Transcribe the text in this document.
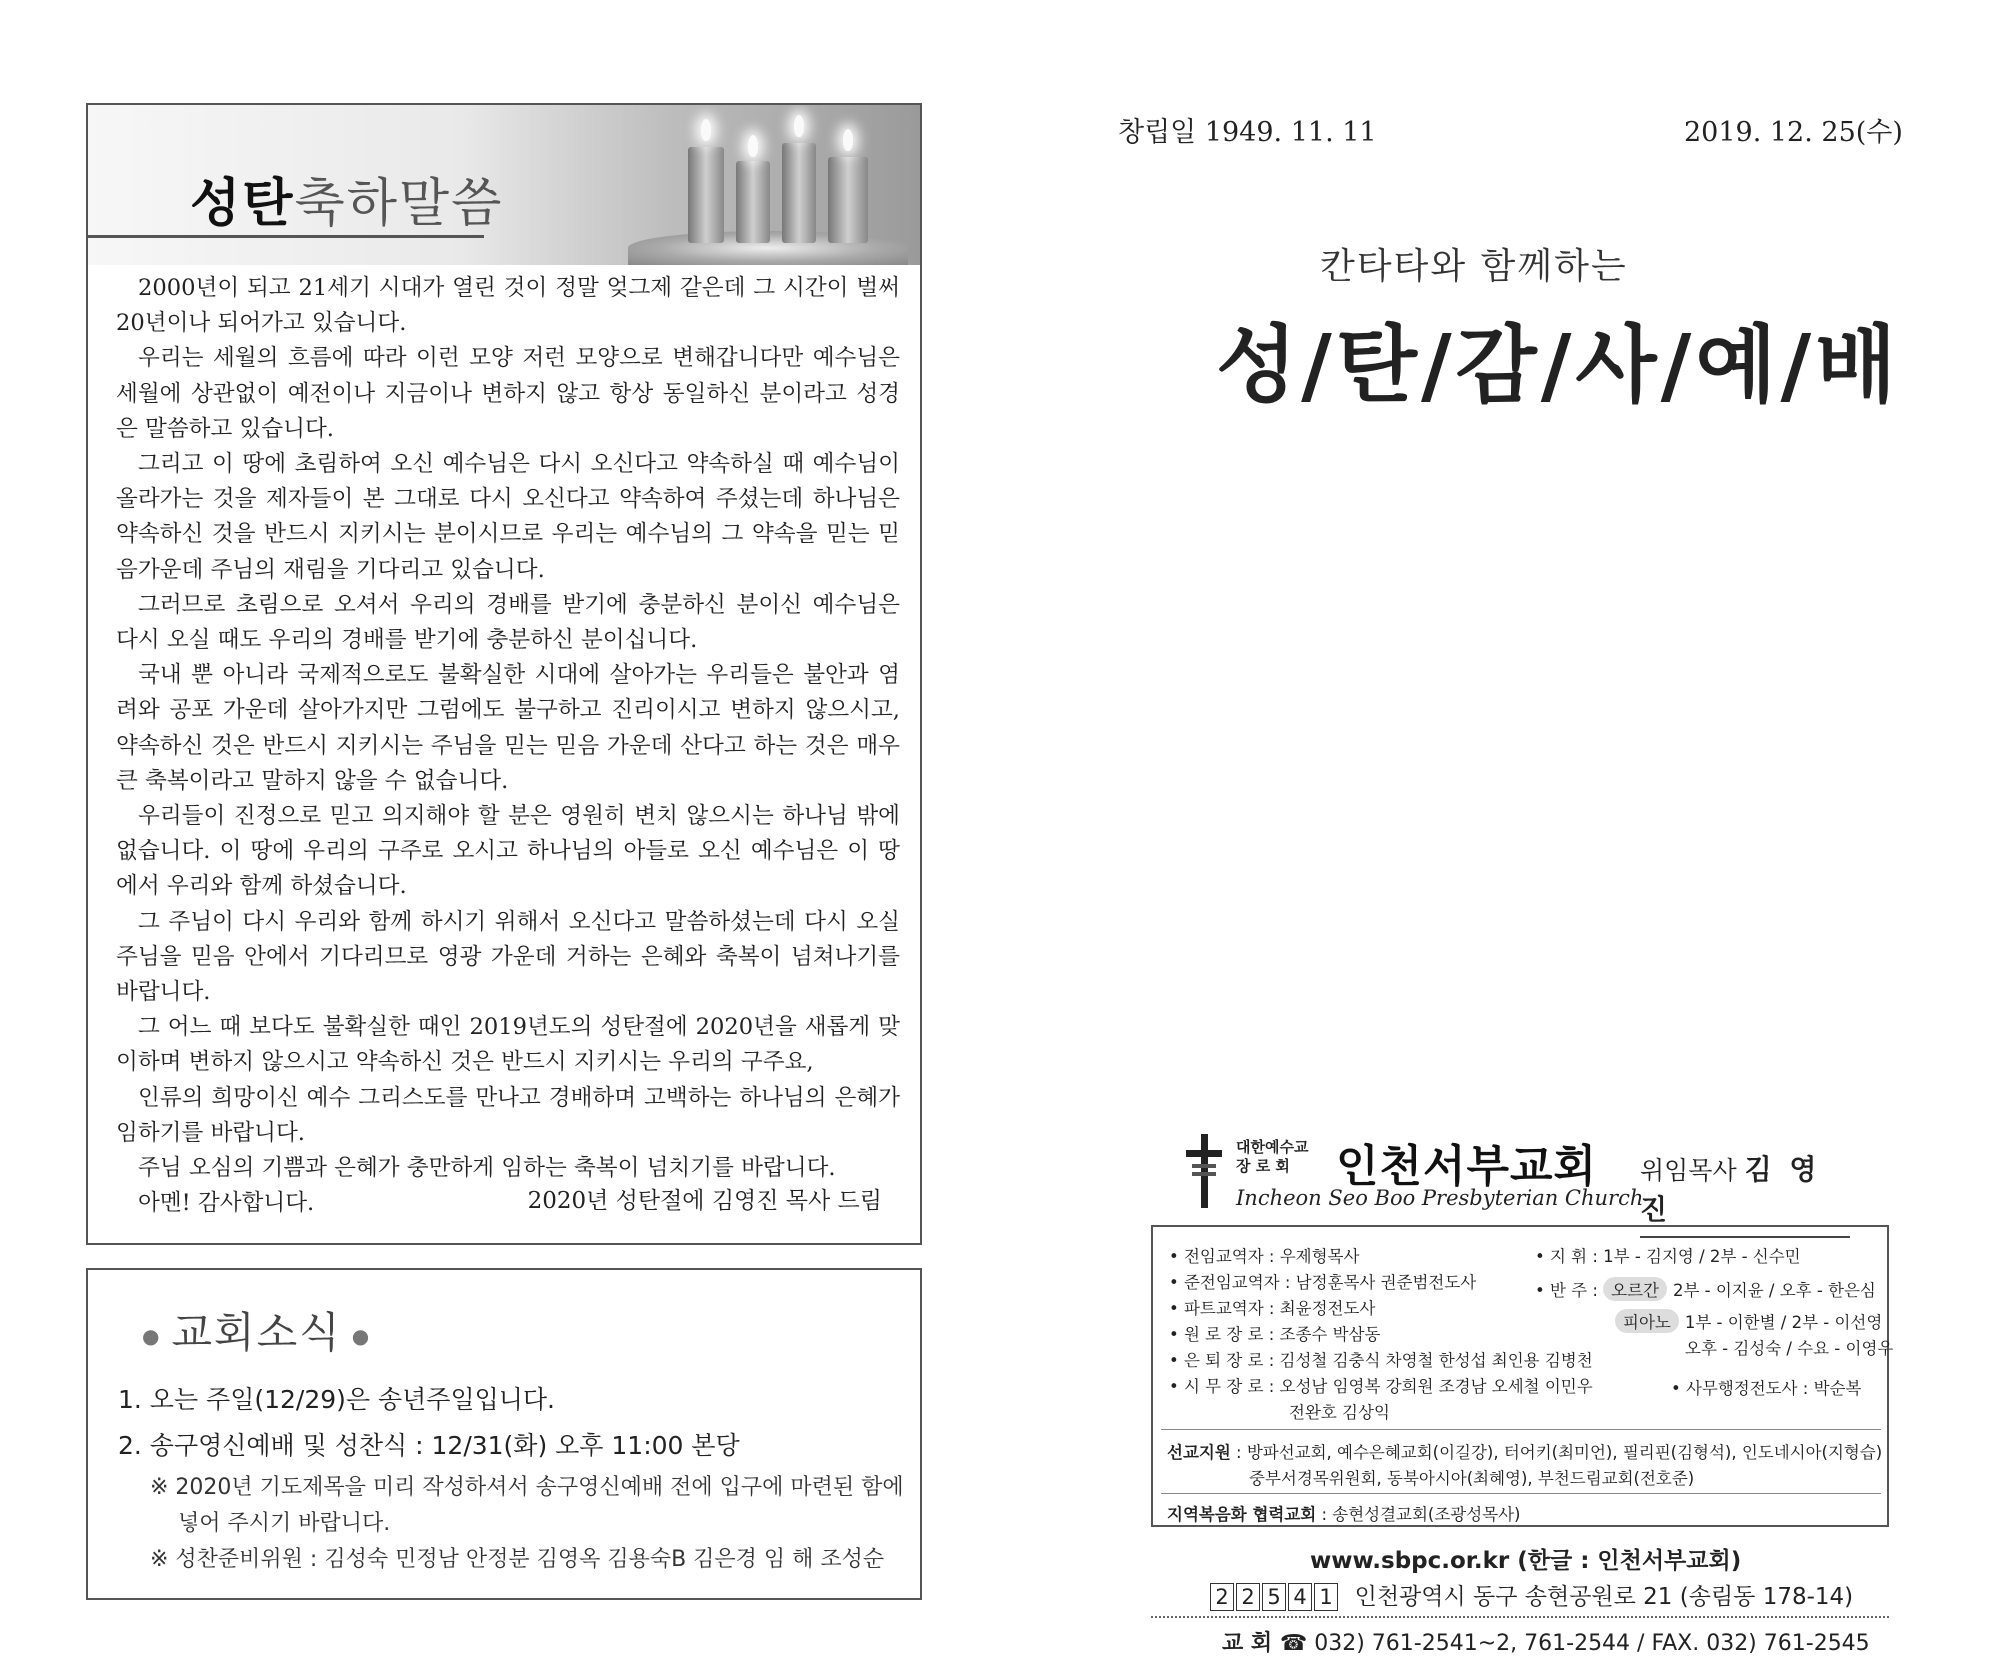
성탄축하말씀

2000년이 되고 21세기 시대가 열린 것이 정말 엊그제 같은데 그 시간이 벌써 20년이나 되어가고 있습니다.

우리는 세월의 흐름에 따라 이런 모양 저런 모양으로 변해갑니다만 예수님은 세월에 상관없이 예전이나 지금이나 변하지 않고 항상 동일하신 분이라고 성경은 말씀하고 있습니다.

그리고 이 땅에 초림하여 오신 예수님은 다시 오신다고 약속하실 때 예수님이 올라가는 것을 제자들이 본 그대로 다시 오신다고 약속하여 주셨는데 하나님은 약속하신 것을 반드시 지키시는 분이시므로 우리는 예수님의 그 약속을 믿는 믿음가운데 주님의 재림을 기다리고 있습니다.

그러므로 초림으로 오셔서 우리의 경배를 받기에 충분하신 분이신 예수님은 다시 오실 때도 우리의 경배를 받기에 충분하신 분이십니다.

국내 뿐 아니라 국제적으로도 불확실한 시대에 살아가는 우리들은 불안과 염려와 공포 가운데 살아가지만 그럼에도 불구하고 진리이시고 변하지 않으시고, 약속하신 것은 반드시 지키시는 주님을 믿는 믿음 가운데 산다고 하는 것은 매우 큰 축복이라고 말하지 않을 수 없습니다.

우리들이 진정으로 믿고 의지해야 할 분은 영원히 변치 않으시는 하나님 밖에 없습니다. 이 땅에 우리의 구주로 오시고 하나님의 아들로 오신 예수님은 이 땅에서 우리와 함께 하셨습니다.

그 주님이 다시 우리와 함께 하시기 위해서 오신다고 말씀하셨는데 다시 오실 주님을 믿음 안에서 기다리므로 영광 가운데 거하는 은혜와 축복이 넘쳐나기를 바랍니다.

그 어느 때 보다도 불확실한 때인 2019년도의 성탄절에 2020년을 새롭게 맞이하며 변하지 않으시고 약속하신 것은 반드시 지키시는 우리의 구주요,

인류의 희망이신 예수 그리스도를 만나고 경배하며 고백하는 하나님의 은혜가 임하기를 바랍니다.

주님 오심의 기쁨과 은혜가 충만하게 임하는 축복이 넘치기를 바랍니다.

아멘! 감사합니다.	2020년 성탄절에 김영진 목사 드림
● 교회소식 ●
1. 오는 주일(12/29)은 송년주일입니다.
2. 송구영신예배 및 성찬식 : 12/31(화) 오후 11:00 본당
※ 2020년 기도제목을 미리 작성하셔서 송구영신예배 전에 입구에 마련된 함에
넣어 주시기 바랍니다.
※ 성찬준비위원 : 김성숙 민정남 안정분 김영옥 김용숙B 김은경 임 해 조성순
창립일 1949. 11. 11	2019. 12. 25(수)
칸타타와 함께하는
성/탄/감/사/예/배
대한예수교
장 로 회	인천서부교회
Incheon Seo Boo Presbyterian Church
위임목사 김 영 진
• 전임교역자 : 우제형목사
• 준전임교역자 : 남정훈목사 권준범전도사
• 파트교역자 : 최윤정전도사
• 원 로 장 로 : 조종수 박삼동
• 은 퇴 장 로 : 김성철 김충식 차영철 한성섭 최인용 김병천
• 시 무 장 로 : 오성남 임영복 강희원 조경남 오세철 이민우
전완호 김상익
• 지 휘 : 1부 - 김지영 / 2부 - 신수민
• 반 주 : 오르간 2부 - 이지윤 / 오후 - 한은심
피아노 1부 - 이한별 / 2부 - 이선영
오후 - 김성숙 / 수요 - 이영우
• 사무행정전도사 : 박순복
선교지원 : 방파선교회, 예수은혜교회(이길강), 터어키(최미언), 필리핀(김형석), 인도네시아(지형습)
중부서경목위원회, 동북아시아(최혜영), 부천드림교회(전호준)
지역복음화 협력교회 : 송현성결교회(조광성목사)
www.sbpc.or.kr (한글 : 인천서부교회)
2 2 5 4 1 인천광역시 동구 송현공원로 21 (송림동 178-14)
교 회 ☎ 032) 761-2541~2, 761-2544 / FAX. 032) 761-2545
